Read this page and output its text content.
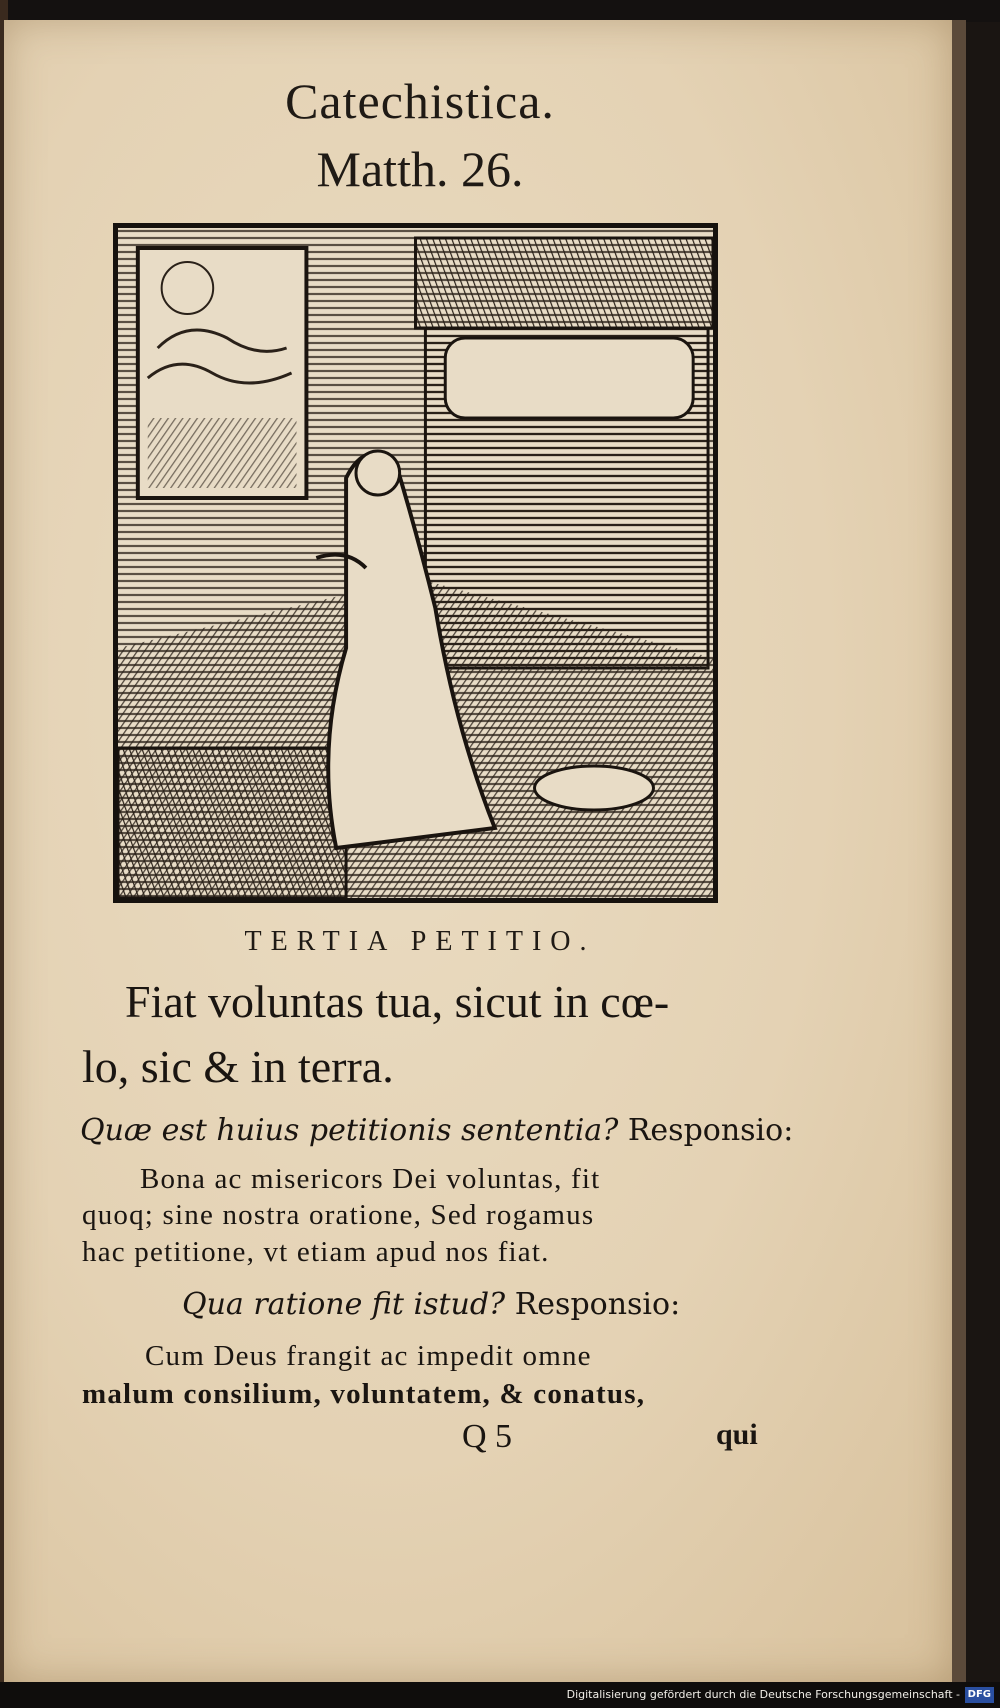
Catechistica.
Matth. 26.
TERTIA PETITIO.
Fiat voluntas tua, sicut in cœ-
lo, sic & in terra.
Quæ est huius petitionis sententia? Responsio:
Bona ac misericors Dei voluntas, fit
quoq; sine nostra oratione, Sed rogamus
hac petitione, vt etiam apud nos fiat.
Qua ratione fit istud? Responsio:
Cum Deus frangit ac impedit omne
malum consilium, voluntatem, & conatus,
Q 5	qui
Digitalisierung gefördert durch die Deutsche Forschungsgemeinschaft - DFG
